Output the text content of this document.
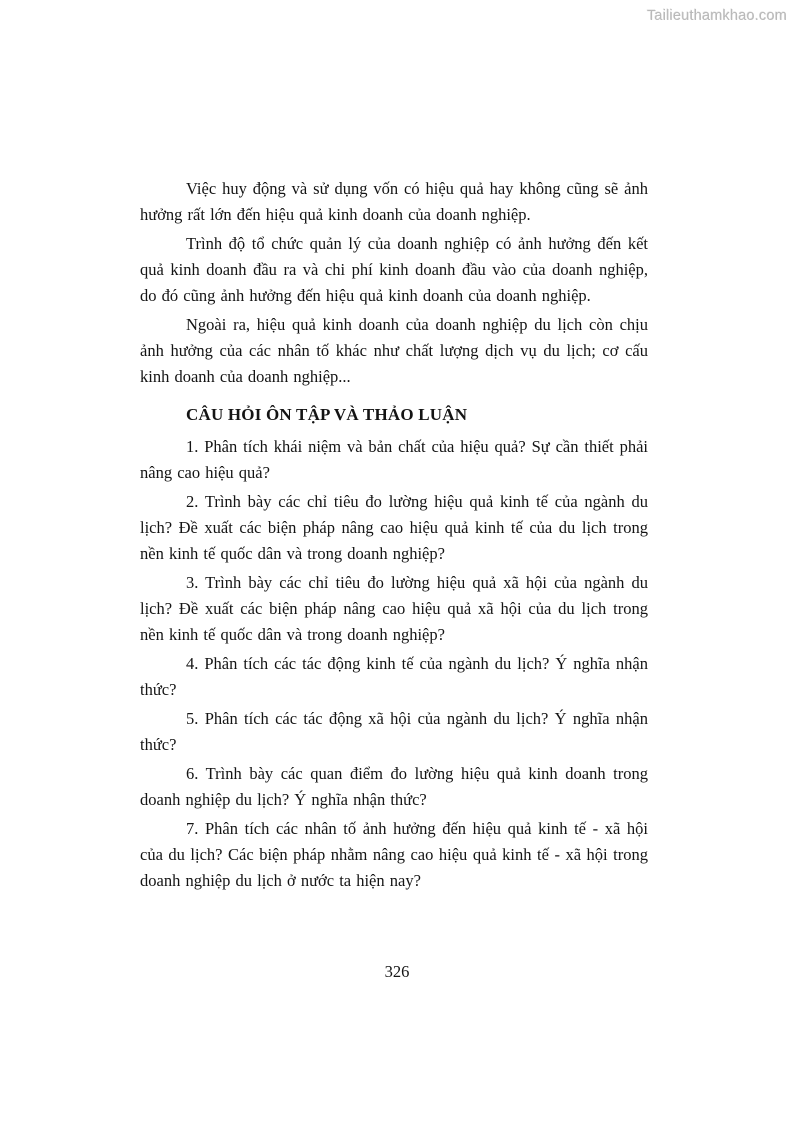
Tailieuthamkhao.com

Việc huy động và sử dụng vốn có hiệu quả hay không cũng sẽ ảnh hưởng rất lớn đến hiệu quả kinh doanh của doanh nghiệp.

Trình độ tổ chức quản lý của doanh nghiệp có ảnh hưởng đến kết quả kinh doanh đầu ra và chi phí kinh doanh đầu vào của doanh nghiệp, do đó cũng ảnh hưởng đến hiệu quả kinh doanh của doanh nghiệp.

Ngoài ra, hiệu quả kinh doanh của doanh nghiệp du lịch còn chịu ảnh hưởng của các nhân tố khác như chất lượng dịch vụ du lịch; cơ cấu kinh doanh của doanh nghiệp...

CÂU HỎI ÔN TẬP VÀ THẢO LUẬN

1. Phân tích khái niệm và bản chất của hiệu quả? Sự cần thiết phải nâng cao hiệu quả?

2. Trình bày các chỉ tiêu đo lường hiệu quả kinh tế của ngành du lịch? Đề xuất các biện pháp nâng cao hiệu quả kinh tế của du lịch trong nền kinh tế quốc dân và trong doanh nghiệp?

3. Trình bày các chỉ tiêu đo lường hiệu quả xã hội của ngành du lịch? Đề xuất các biện pháp nâng cao hiệu quả xã hội của du lịch trong nền kinh tế quốc dân và trong doanh nghiệp?

4. Phân tích các tác động kinh tế của ngành du lịch? Ý nghĩa nhận thức?

5. Phân tích các tác động xã hội của ngành du lịch? Ý nghĩa nhận thức?

6. Trình bày các quan điểm đo lường hiệu quả kinh doanh trong doanh nghiệp du lịch? Ý nghĩa nhận thức?

7. Phân tích các nhân tố ảnh hưởng đến hiệu quả kinh tế - xã hội của du lịch? Các biện pháp nhằm nâng cao hiệu quả kinh tế - xã hội trong doanh nghiệp du lịch ở nước ta hiện nay?

326
